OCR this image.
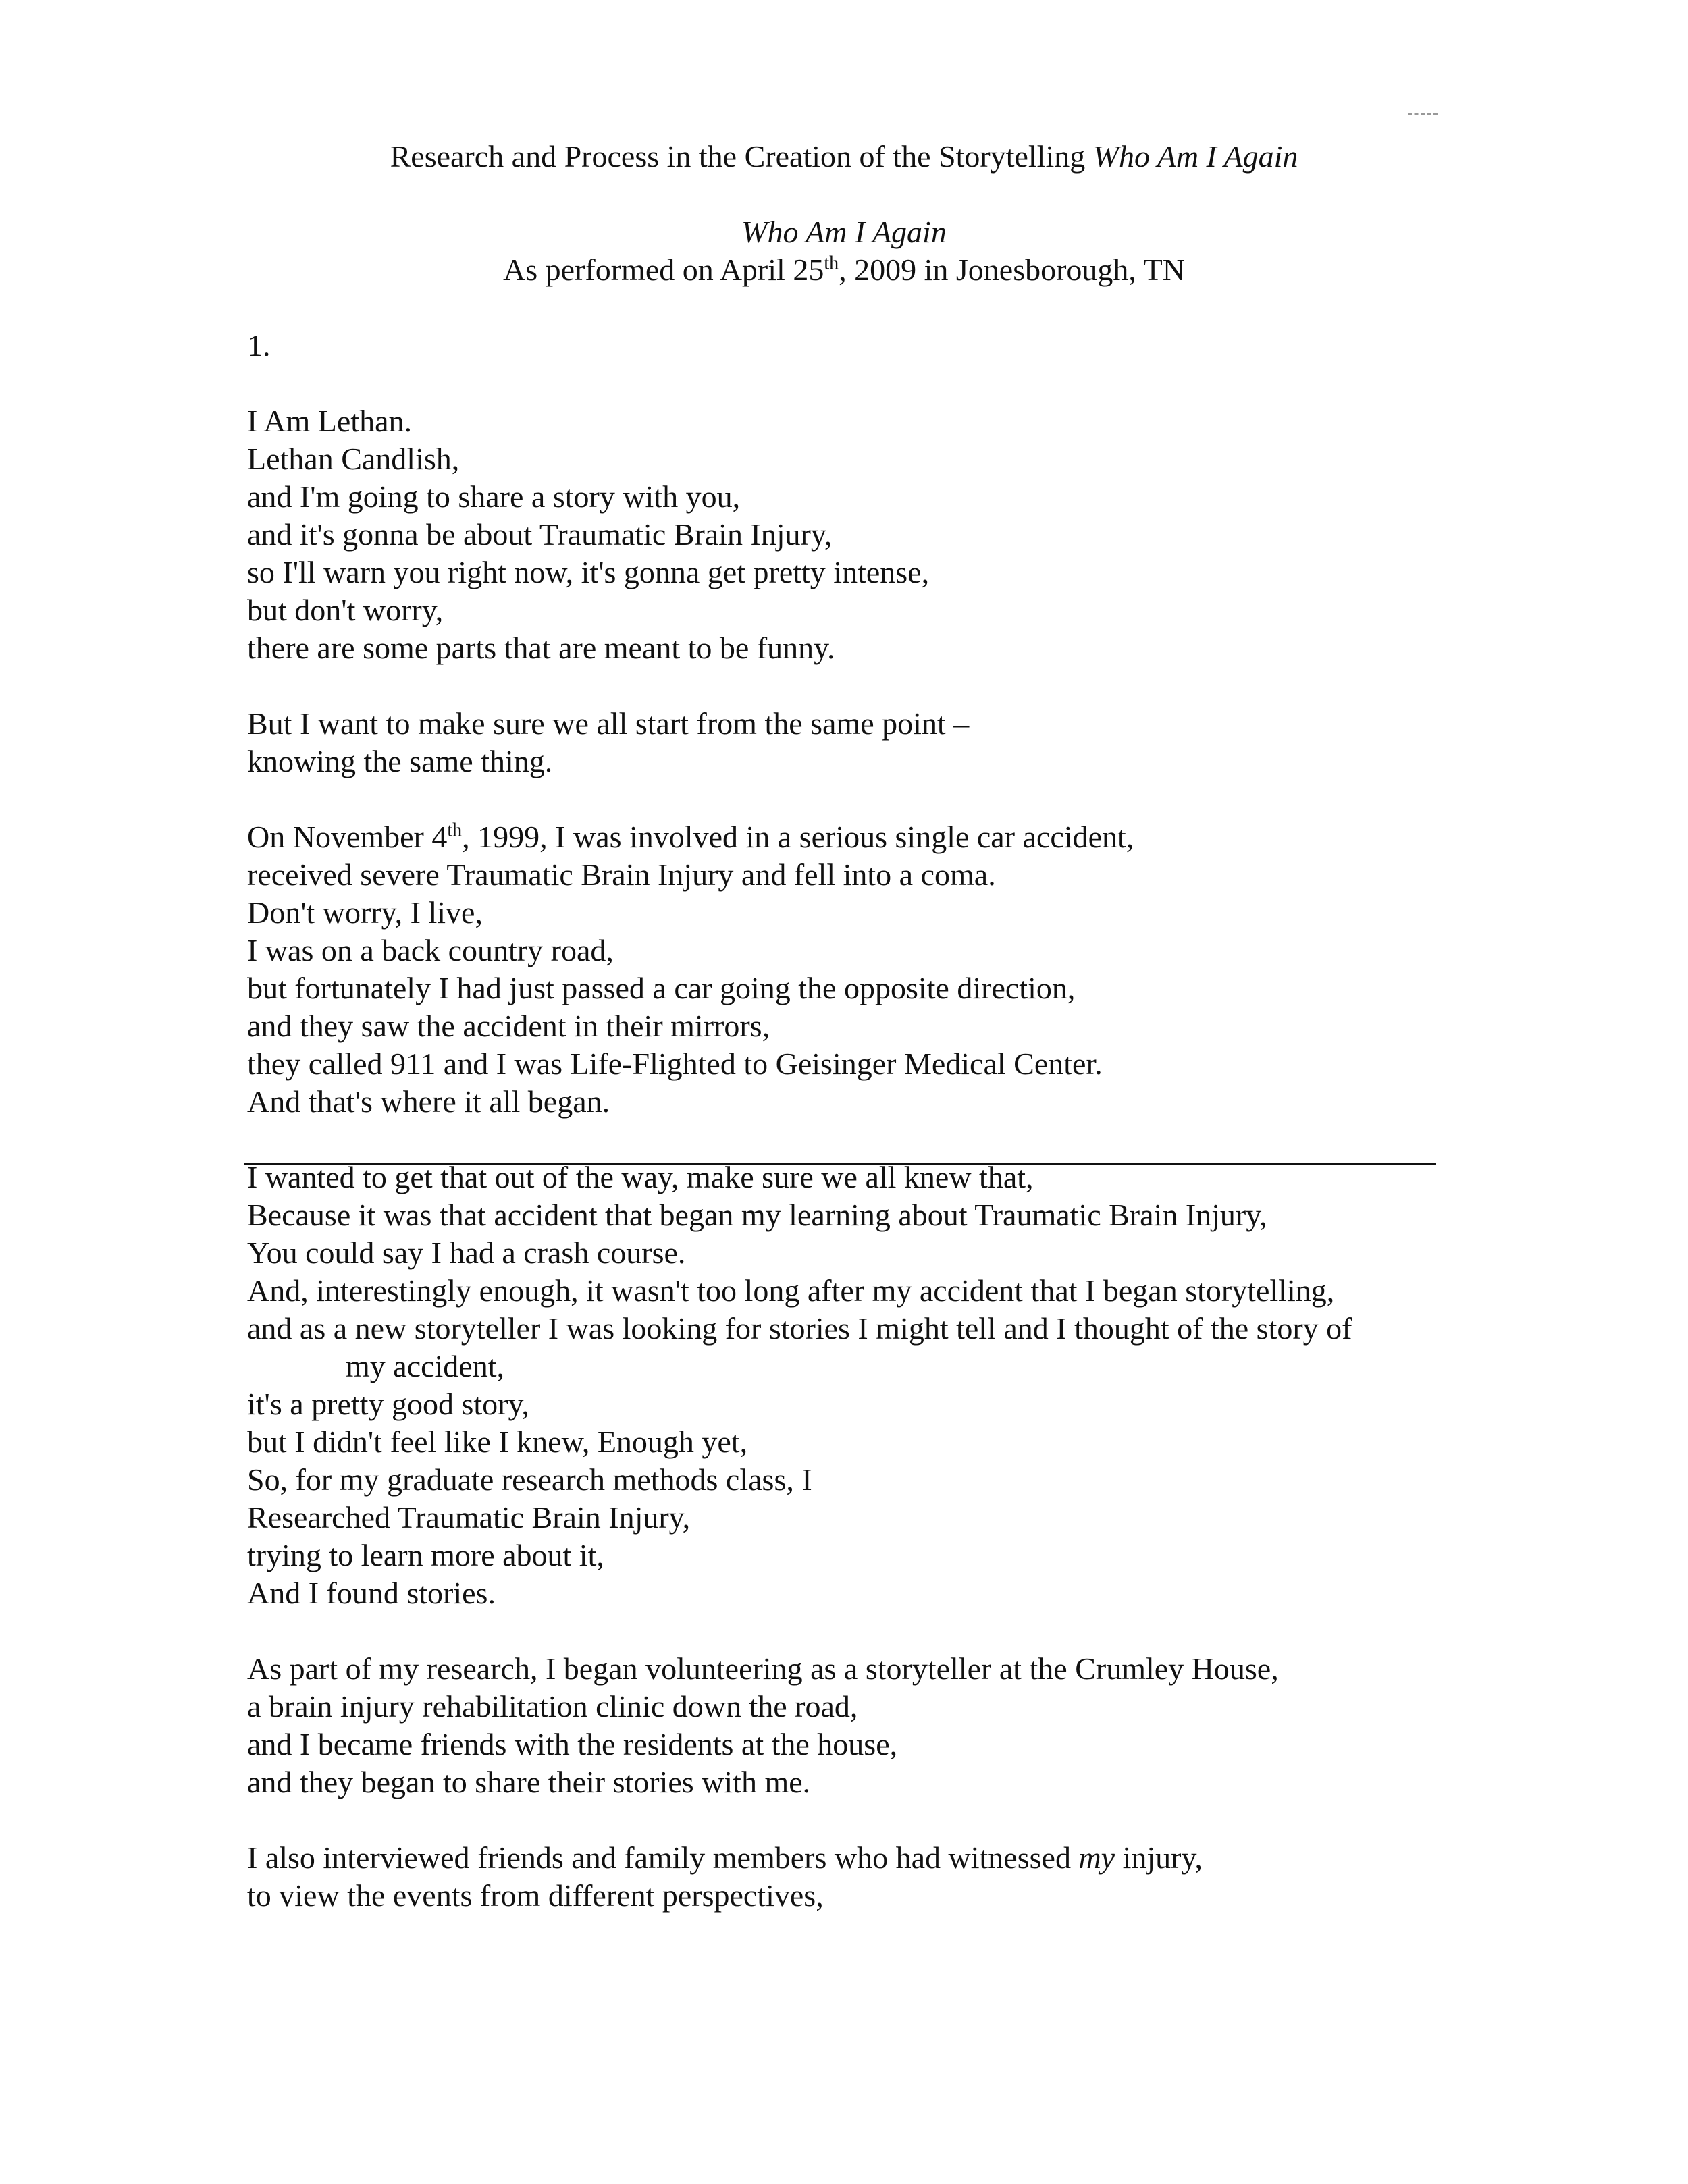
Research and Process in the Creation of the Storytelling Who Am I Again
Who Am I Again
As performed on April 25th, 2009 in Jonesborough, TN
1.
I Am Lethan.
Lethan Candlish,
and I'm going to share a story with you,
and it's gonna be about Traumatic Brain Injury,
so I'll warn you right now, it's gonna get pretty intense,
but don't worry,
there are some parts that are meant to be funny.
But I want to make sure we all start from the same point –
knowing the same thing.
On November 4th, 1999, I was involved in a serious single car accident,
received severe Traumatic Brain Injury and fell into a coma.
Don't worry, I live,
I was on a back country road,
but fortunately I had just passed a car going the opposite direction,
and they saw the accident in their mirrors,
they called 911 and I was Life-Flighted to Geisinger Medical Center.
And that's where it all began.
I wanted to get that out of the way, make sure we all knew that,
Because it was that accident that began my learning about Traumatic Brain Injury,
You could say I had a crash course.
And, interestingly enough, it wasn't too long after my accident that I began storytelling,
and as a new storyteller I was looking for stories I might tell and I thought of the story of
my accident,
it's a pretty good story,
but I didn't feel like I knew, Enough yet,
So, for my graduate research methods class, I
Researched Traumatic Brain Injury,
trying to learn more about it,
And I found stories.
As part of my research, I began volunteering as a storyteller at the Crumley House,
a brain injury rehabilitation clinic down the road,
and I became friends with the residents at the house,
and they began to share their stories with me.
I also interviewed friends and family members who had witnessed my injury,
to view the events from different perspectives,
